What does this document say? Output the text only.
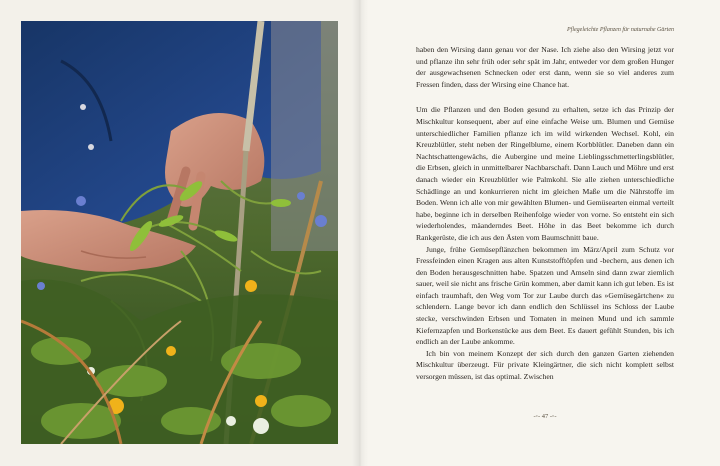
Pflegeleichte Pflanzen für naturnahe Gärten

haben den Wirsing dann genau vor der Nase. Ich ziehe also den Wirsing jetzt vor und pflanze ihn sehr früh oder sehr spät im Jahr, entweder vor dem großen Hunger der ausgewachsenen Schnecken oder erst dann, wenn sie so viel anderes zum Fressen finden, dass der Wirsing eine Chance hat.

Um die Pflanzen und den Boden gesund zu erhalten, setze ich das Prinzip der Mischkultur konsequent, aber auf eine einfache Weise um. Blumen und Gemüse unterschiedlicher Familien pflanze ich im wild wirkenden Wechsel. Kohl, ein Kreuzblütler, steht neben der Ringelblume, einem Korbblütler. Daneben dann ein Nachtschattengewächs, die Aubergine und meine Lieblingsschmetterlingsblütler, die Erbsen, gleich in unmittelbarer Nachbarschaft. Dann Lauch und Möhre und erst danach wieder ein Kreuzblütler wie Palmkohl. Sie alle ziehen unterschiedliche Schädlinge an und konkurrieren nicht im gleichen Maße um die Nährstoffe im Boden. Wenn ich alle von mir gewählten Blumen- und Gemüsearten einmal verteilt habe, beginne ich in derselben Reihenfolge wieder von vorne. So entsteht ein sich wiederholendes, mäanderndes Beet. Höhe in das Beet bekomme ich durch Rankgerüste, die ich aus den Ästen vom Baumschnitt baue.

Junge, frühe Gemüsepflänzchen bekommen im März/April zum Schutz vor Fressfeinden einen Kragen aus alten Kunststofftöpfen und -bechern, aus denen ich den Boden herausgeschnitten habe. Spatzen und Amseln sind dann zwar ziemlich sauer, weil sie nicht ans frische Grün kommen, aber damit kann ich gut leben. Es ist einfach traumhaft, den Weg vom Tor zur Laube durch das »Gemüsegärtchen« zu schlendern. Lange bevor ich dann endlich den Schlüssel ins Schloss der Laube stecke, verschwinden Erbsen und Tomaten in meinen Mund und ich sammle Kiefernzapfen und Borkenstücke aus dem Beet. Es dauert gefühlt Stunden, bis ich endlich an der Laube ankomme.

Ich bin von meinem Konzept der sich durch den ganzen Garten ziehenden Mischkultur überzeugt. Für private Kleingärtner, die sich nicht komplett selbst versorgen müssen, ist das optimal. Zwischen

-◦- 47 -◦-
